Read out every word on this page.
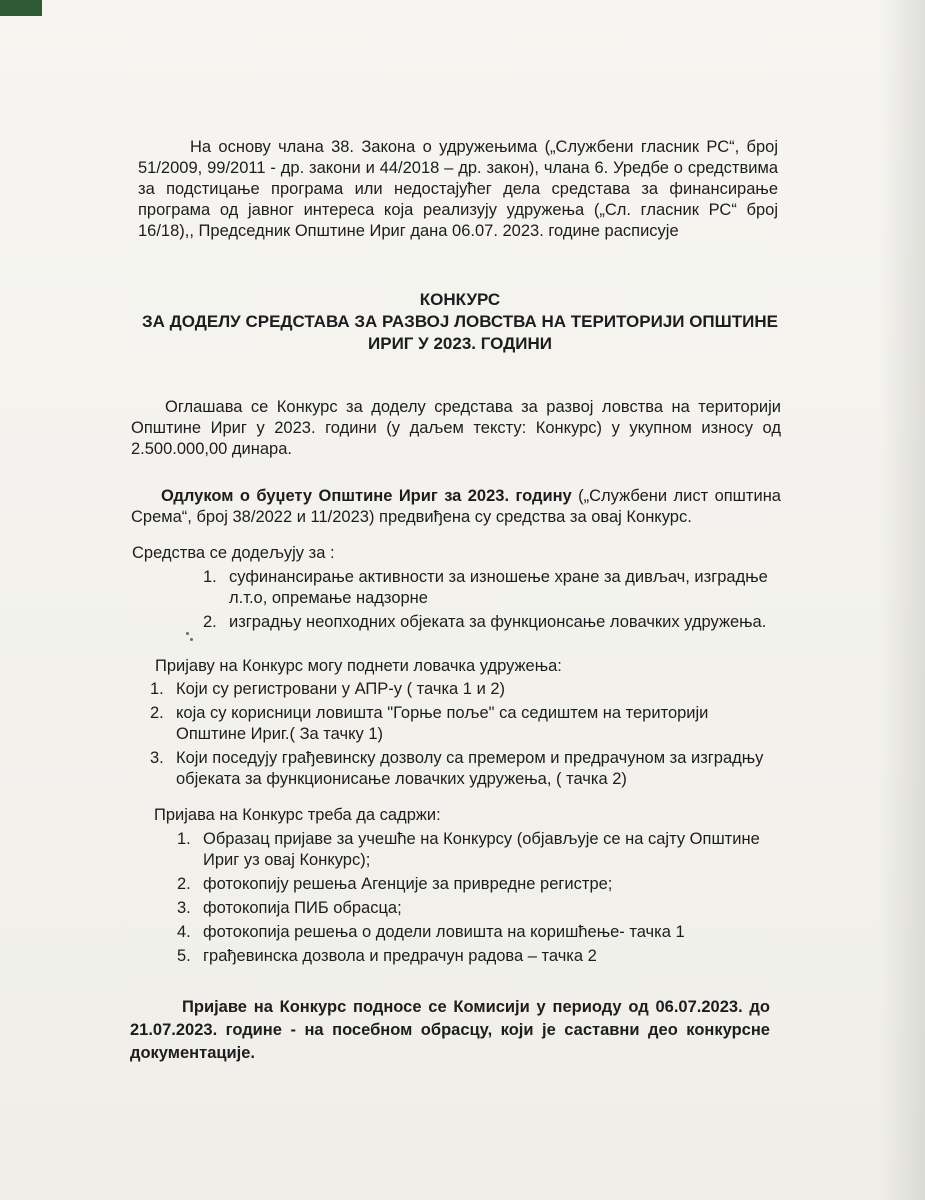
На основу члана 38. Закона о удружењима („Службени гласник РС“, број 51/2009, 99/2011 - др. закони и 44/2018 – др. закон), члана 6. Уредбе о средствима за подстицање програма или недостајућег дела средстава за финансирање програма од јавног интереса која реализују удружења („Сл. гласник РС“ број 16/18),, Председник Општине Ириг дана 06.07. 2023. године расписује
КОНКУРС
ЗА ДОДЕЛУ СРЕДСТАВА ЗА РАЗВОЈ ЛОВСТВА НА ТЕРИТОРИЈИ ОПШТИНЕ
ИРИГ У 2023. ГОДИНИ
Оглашава се Конкурс за доделу средстава за развој ловства на територији Општине Ириг у 2023. години (у даљем тексту: Конкурс) у укупном износу од 2.500.000,00 динара.
Одлуком о буџету Општине Ириг за 2023. годину („Службени лист општина Срема“, број 38/2022 и 11/2023) предвиђена су средства за овај Конкурс.
Средства се додељују за :
1. суфинансирање активности за изношење хране за дивљач, изградње
л.т.о, опремање надзорне
2. изградњу неопходних објеката за функционсање ловачких удружења.
Пријаву на Конкурс могу поднети ловачка удружења:
1. Који су регистровани у АПР-у ( тачка 1 и 2)
2. која су корисници ловишта "Горње поље" са седиштем на територији
Општине Ириг.( За тачку 1)
3. Који поседују грађевинску дозволу са премером и предрачуном за изградњу
објеката за функционисање ловачких удружења, ( тачка 2)
Пријава на Конкурс треба да садржи:
1. Образац пријаве за учешће на Конкурсу (објављује се на сајту Општине
Ириг уз овај Конкурс);
2. фотокопију решења Агенције за привредне регистре;
3. фотокопија ПИБ обрасца;
4. фотокопија решења о додели ловишта на коришћење- тачка 1
5. грађевинска дозвола и предрачун радова – тачка 2
Пријаве на Конкурс подносе се Комисији у периоду од 06.07.2023. до 21.07.2023. године - на посебном обрасцу, који је саставни део конкурсне документације.
